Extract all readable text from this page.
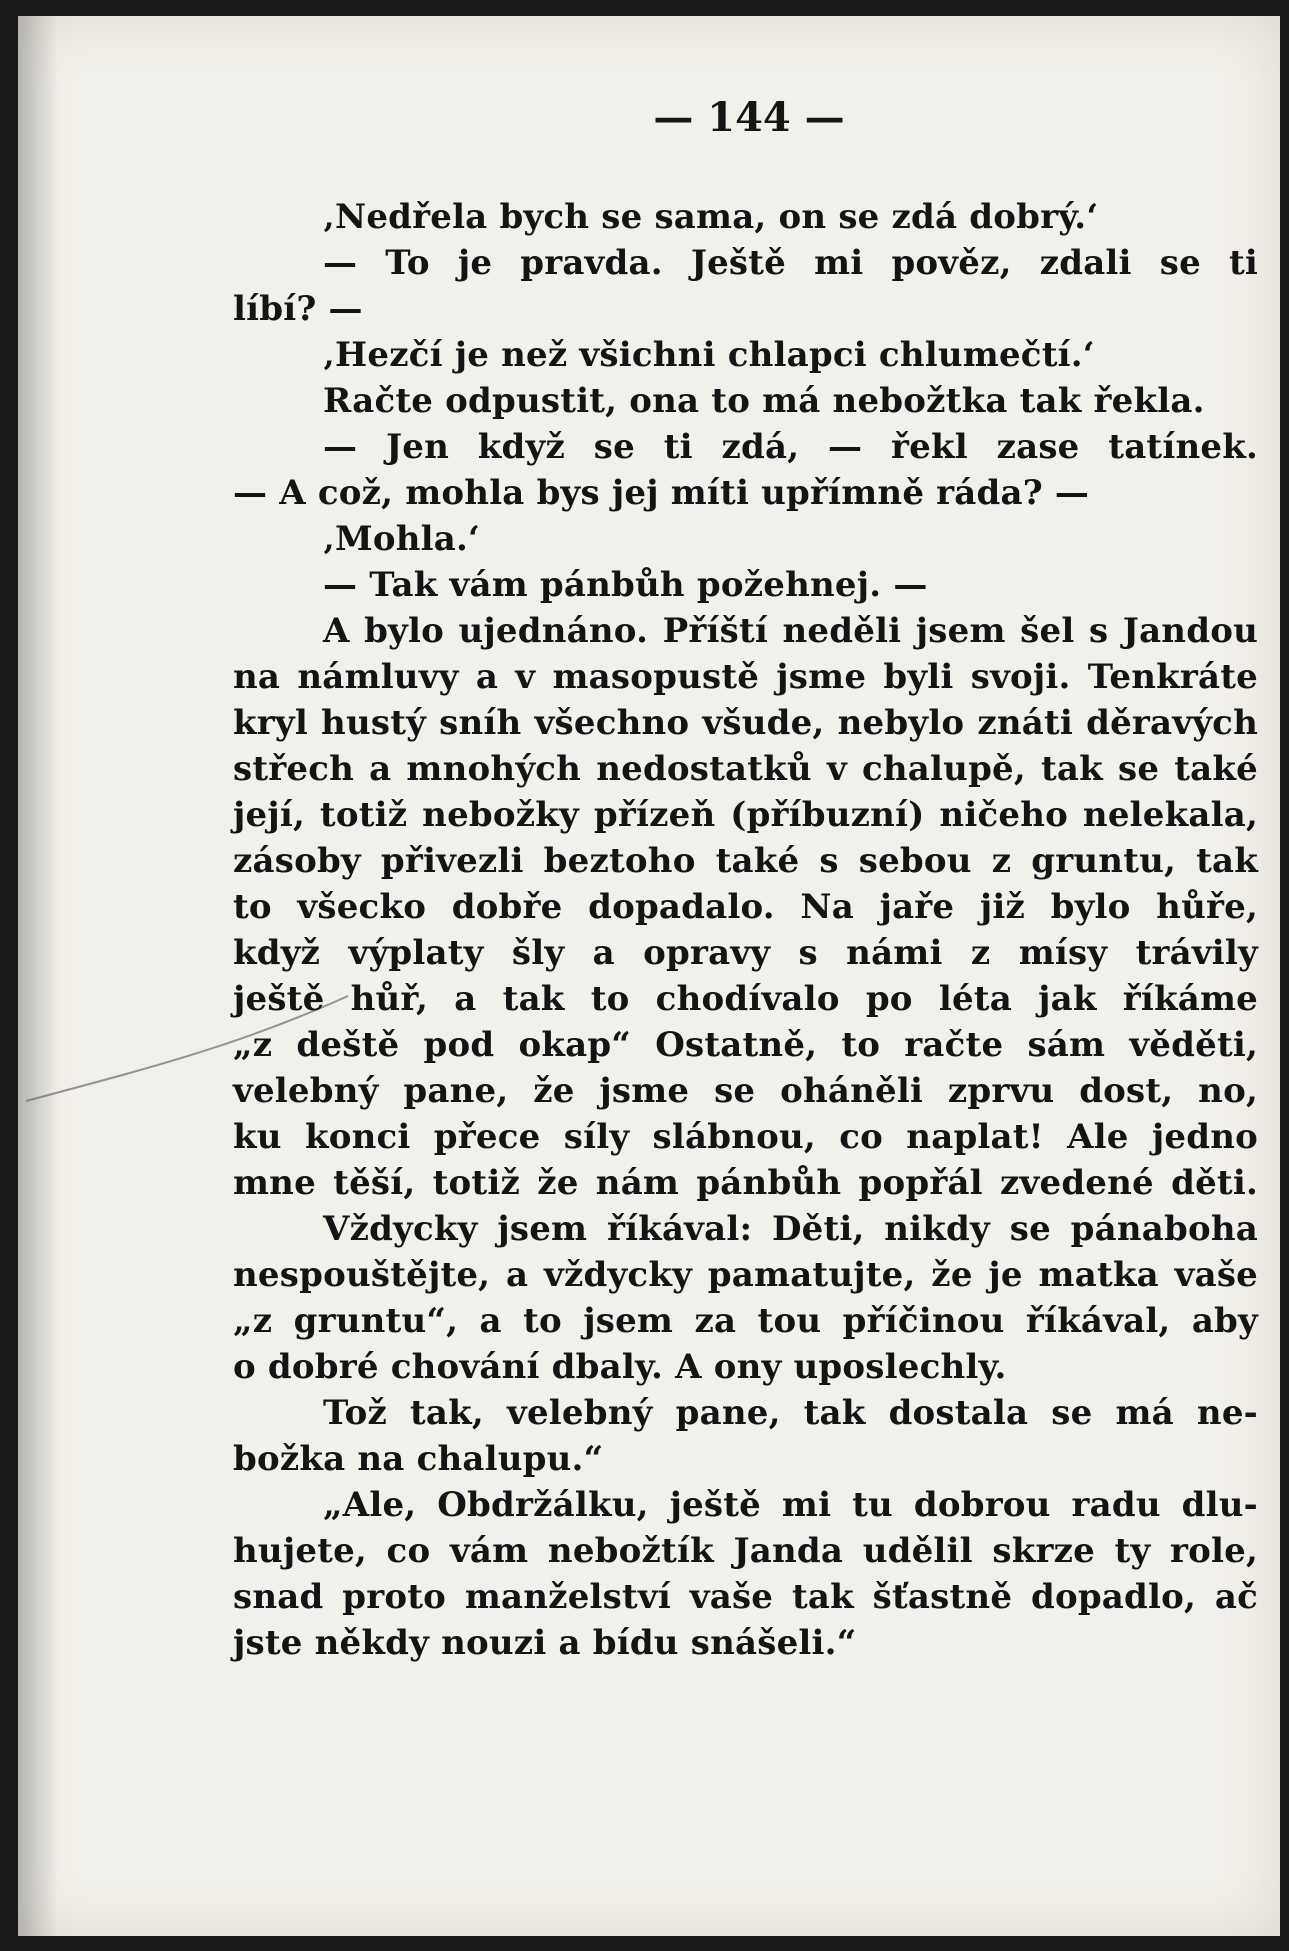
— 144 —
‚Nedřela bych se sama, on se zdá dobrý.‘
— To je pravda. Ještě mi pověz, zdali se ti
líbí? —
‚Hezčí je než všichni chlapci chlumečtí.‘
Račte odpustit, ona to má nebožtka tak řekla.
— Jen když se ti zdá, — řekl zase tatínek.
— A což, mohla bys jej míti upřímně ráda? —
‚Mohla.‘
— Tak vám pánbůh požehnej. —
A bylo ujednáno. Příští neděli jsem šel s Jandou
na námluvy a v masopustě jsme byli svoji. Tenkráte
kryl hustý sníh všechno všude, nebylo znáti děravých
střech a mnohých nedostatků v chalupě, tak se také
její, totiž nebožky přízeň (příbuzní) ničeho nelekala,
zásoby přivezli beztoho také s sebou z gruntu, tak
to všecko dobře dopadalo. Na jaře již bylo hůře,
když výplaty šly a opravy s námi z mísy trávily
ještě hůř, a tak to chodívalo po léta jak říkáme
„z deště pod okap“ Ostatně, to račte sám věděti,
velebný pane, že jsme se oháněli zprvu dost, no,
ku konci přece síly slábnou, co naplat! Ale jedno
mne těší, totiž že nám pánbůh popřál zvedené děti.
Vždycky jsem říkával: Děti, nikdy se pánaboha
nespouštějte, a vždycky pamatujte, že je matka vaše
„z gruntu“, a to jsem za tou příčinou říkával, aby
o dobré chování dbaly. A ony uposlechly.
Tož tak, velebný pane, tak dostala se má ne-
božka na chalupu.“
„Ale, Obdržálku, ještě mi tu dobrou radu dlu-
hujete, co vám nebožtík Janda udělil skrze ty role,
snad proto manželství vaše tak šťastně dopadlo, ač
jste někdy nouzi a bídu snášeli.“
